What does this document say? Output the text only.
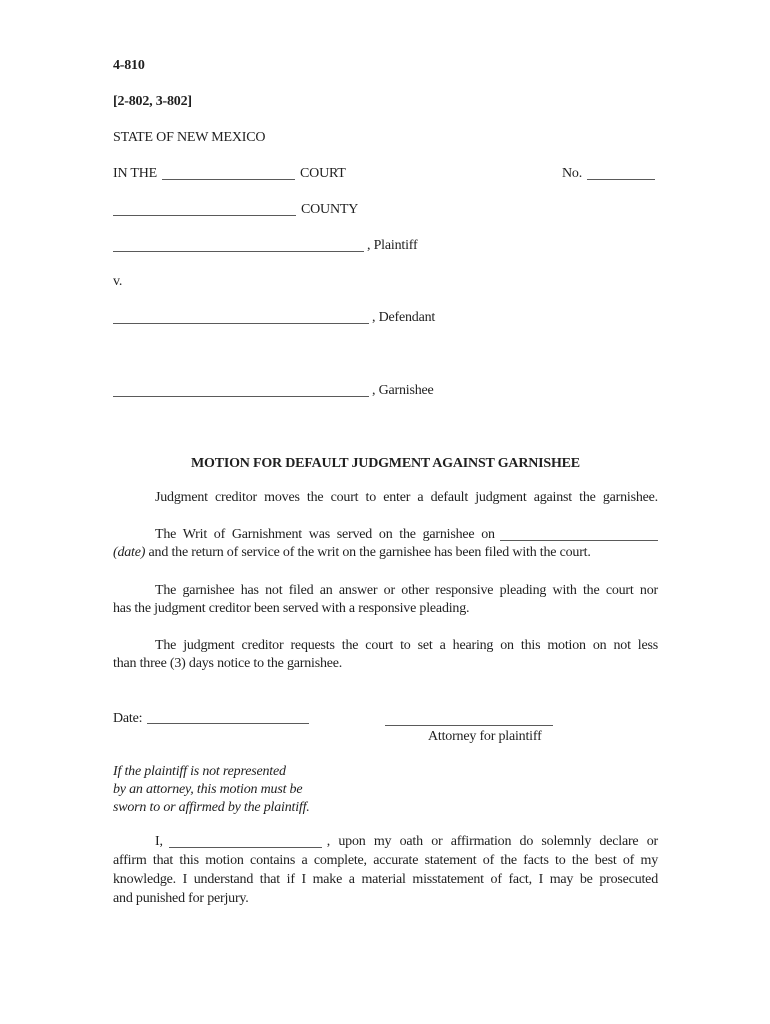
4-810
[2-802, 3-802]
STATE OF NEW MEXICO
IN THE	COURT	No.
COUNTY
, Plaintiff
v.
, Defendant
, Garnishee
MOTION FOR DEFAULT JUDGMENT AGAINST GARNISHEE
Judgment creditor moves the court to enter a default judgment against the garnishee.
The Writ of Garnishment was served on the garnishee on
(date) and the return of service of the writ on the garnishee has been filed with the court.
The garnishee has not filed an answer or other responsive pleading with the court nor
has the judgment creditor been served with a responsive pleading.
The judgment creditor requests the court to set a hearing on this motion on not less
than three (3) days notice to the garnishee.
Date:
Attorney for plaintiff
If the plaintiff is not represented
by an attorney, this motion must be
sworn to or affirmed by the plaintiff.
I,	, upon my oath or affirmation do solemnly declare or
affirm that this motion contains a complete, accurate statement of the facts to the best of my
knowledge. I understand that if I make a material misstatement of fact, I may be prosecuted
and punished for perjury.
